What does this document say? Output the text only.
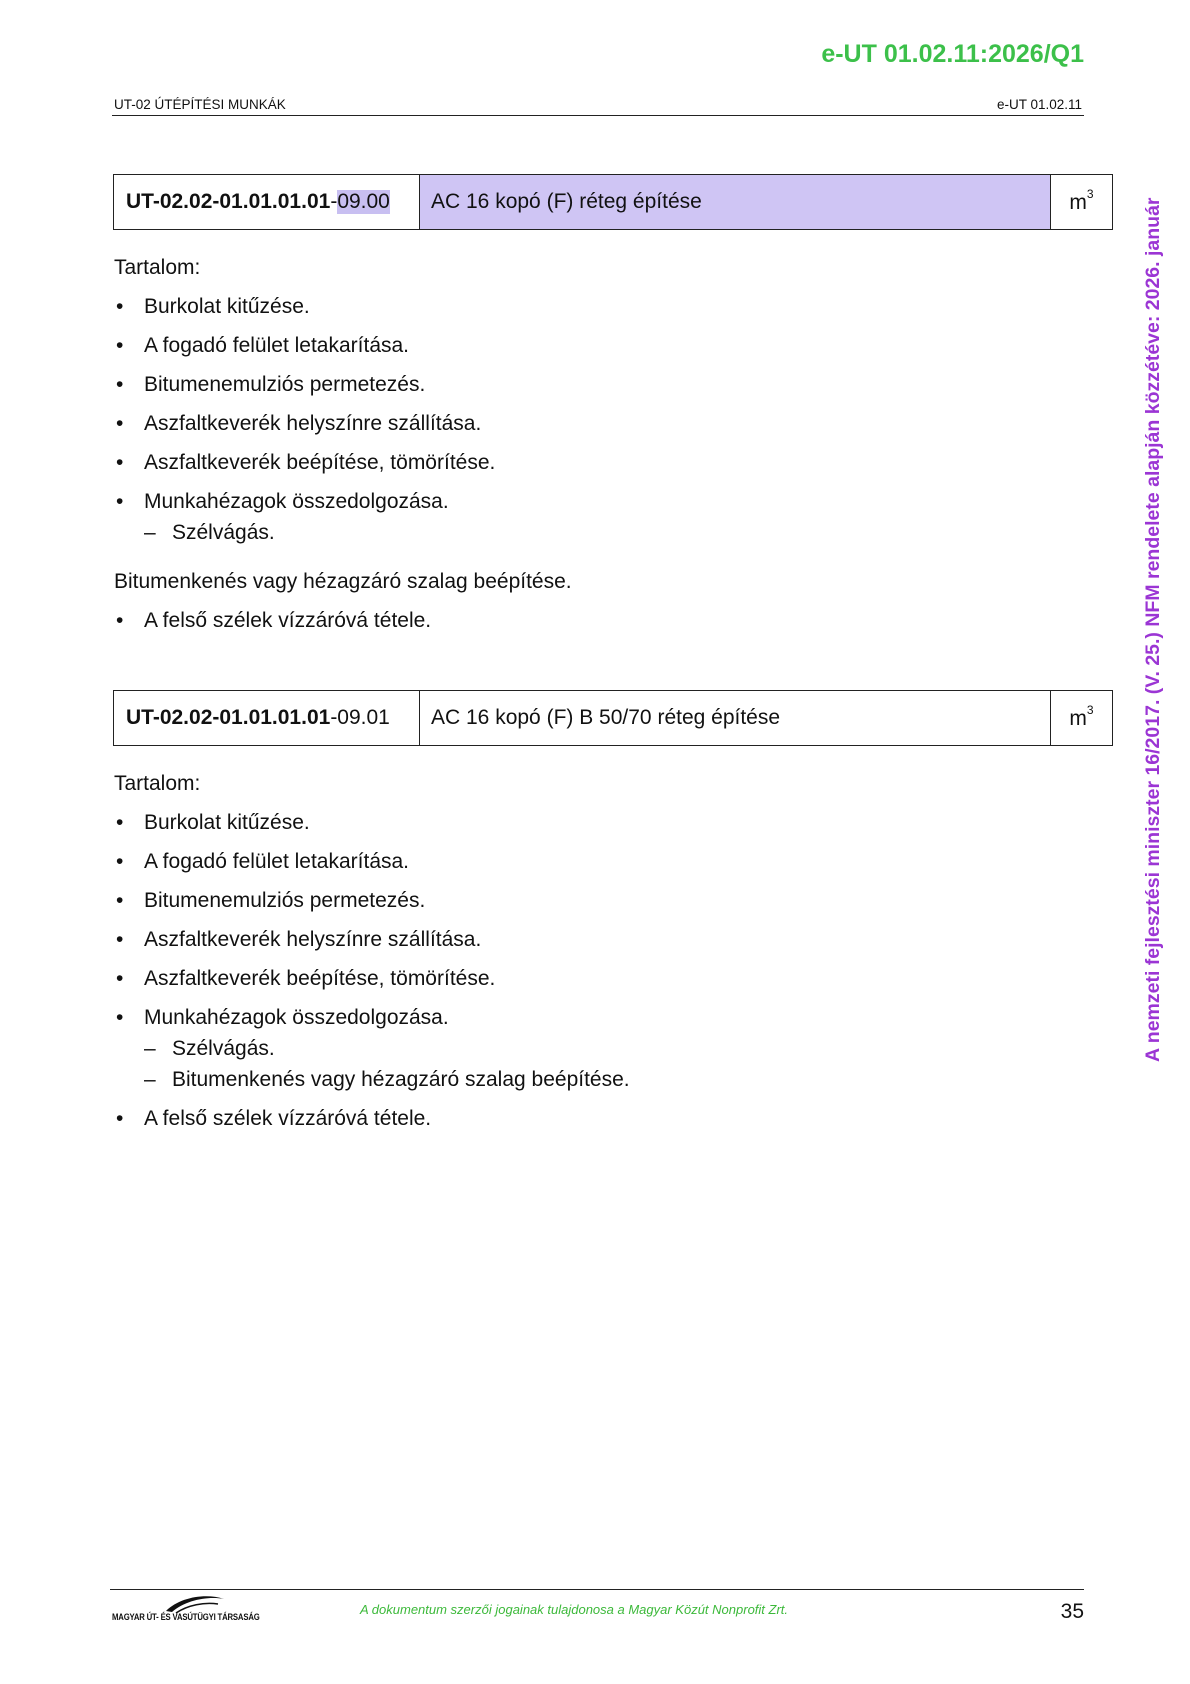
e-UT 01.02.11:2026/Q1
UT-02 ÚTÉPÍTÉSI MUNKÁK	e-UT 01.02.11
UT-02.02-01.01.01.01 - 09.00 AC 16 kopó (F) réteg építése	$m^3$
Tartalom:
• Burkolat kitűzése.
• A fogadó felület letakarítása.
• Bitumenemulziós permetezés.
• Aszfaltkeverék helyszínre szállítása.
• Aszfaltkeverék beépítése, tömörítése.
• Munkahézagok összedolgozása.
– Szélvágás.
Bitumenkenés vagy hézagzáró szalag beépítése.
• A felső szélek vízzáróvá tétele.
UT-02.02-01.01.01.01 -09.01 AC 16 kopó (F) B 50/70 réteg építése	$m^3$
Tartalom:
• Burkolat kitűzése.
• A fogadó felület letakarítása.
• Bitumenemulziós permetezés.
• Aszfaltkeverék helyszínre szállítása.
• Aszfaltkeverék beépítése, tömörítése.
• Munkahézagok összedolgozása.
– Szélvágás.
– Bitumenkenés vagy hézagzáró szalag beépítése.
• A felső szélek vízzáróvá tétele.
A nemzeti fejlesztési miniszter 16/2017. (V. 25.) NFM rendelete alapján közzétéve: 2026. január
MAGYAR ÚT- ÉS VASÚTÜGYI TÁRSASÁG	A dokumentum szerzői jogainak tulajdonosa a Magyar Közút Nonprofit Zrt.	35
